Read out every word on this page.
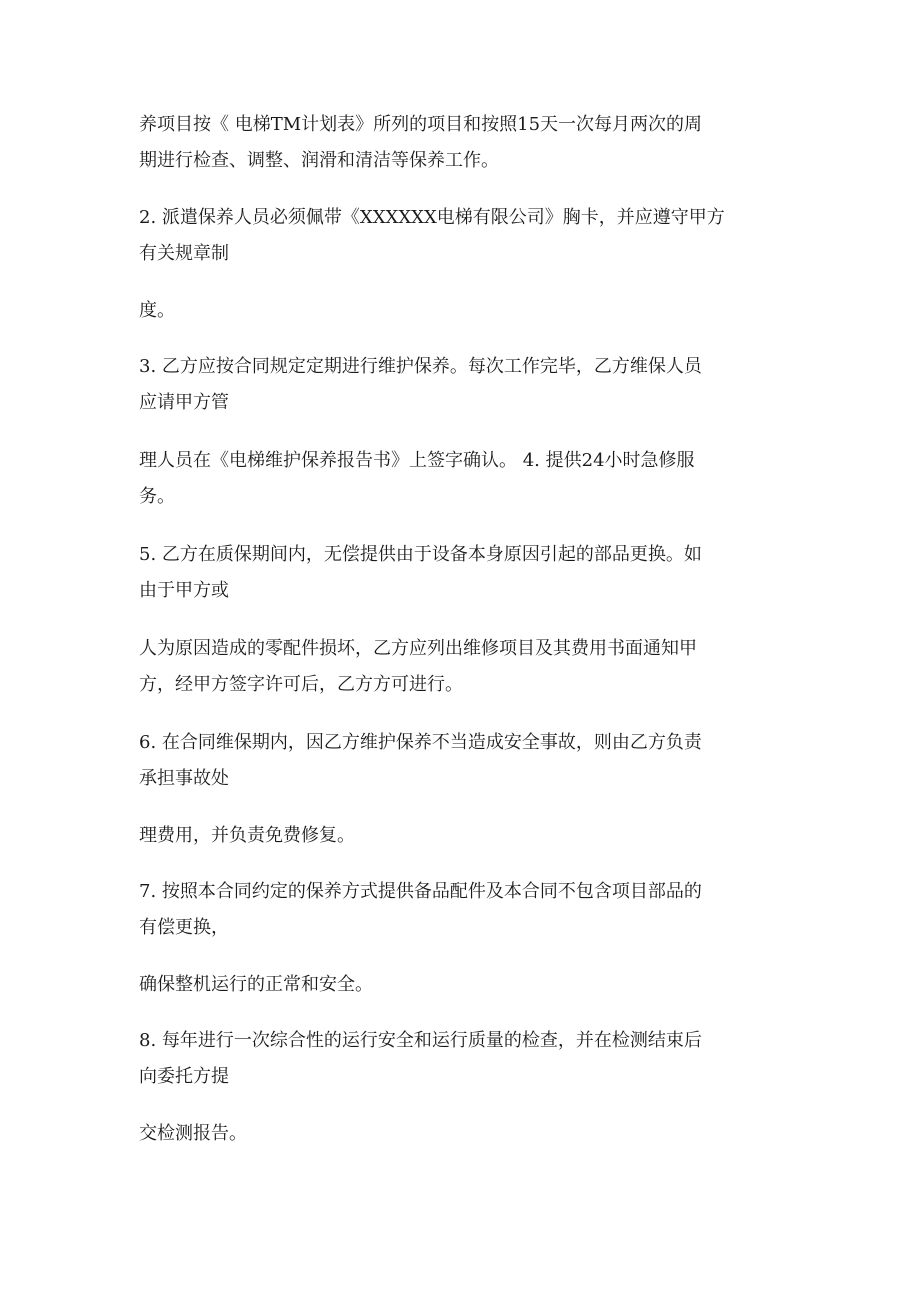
养项目按《 电梯TM计划表》所列的项目和按照15天一次每月两次的周
期进行检查、调整、润滑和清洁等保养工作。

2. 派遣保养人员必须佩带《XXXXXX电梯有限公司》胸卡，并应遵守甲方
有关规章制

度。

3. 乙方应按合同规定定期进行维护保养。每次工作完毕，乙方维保人员
应请甲方管

理人员在《电梯维护保养报告书》上签字确认。 4. 提供24小时急修服
务。

5. 乙方在质保期间内，无偿提供由于设备本身原因引起的部品更换。如
由于甲方或

人为原因造成的零配件损坏，乙方应列出维修项目及其费用书面通知甲
方，经甲方签字许可后，乙方方可进行。

6. 在合同维保期内，因乙方维护保养不当造成安全事故，则由乙方负责
承担事故处

理费用，并负责免费修复。

7. 按照本合同约定的保养方式提供备品配件及本合同不包含项目部品的
有偿更换，

确保整机运行的正常和安全。

8. 每年进行一次综合性的运行安全和运行质量的检查，并在检测结束后
向委托方提

交检测报告。
